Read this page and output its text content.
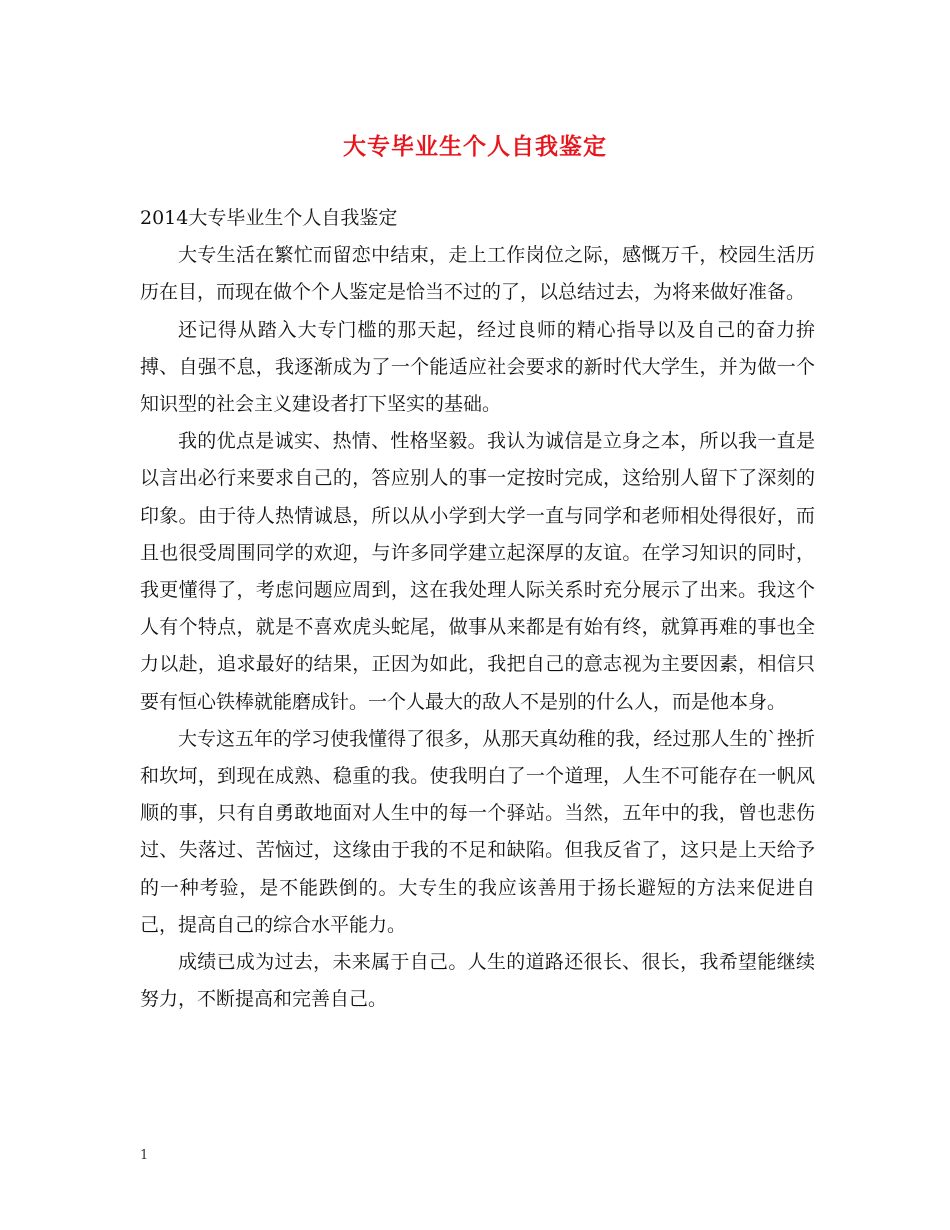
大专毕业生个人自我鉴定

2014大专毕业生个人自我鉴定

大专生活在繁忙而留恋中结束，走上工作岗位之际，感慨万千，校园生活历历在目，而现在做个个人鉴定是恰当不过的了，以总结过去，为将来做好准备。

还记得从踏入大专门槛的那天起，经过良师的精心指导以及自己的奋力拚搏、自强不息，我逐渐成为了一个能适应社会要求的新时代大学生，并为做一个知识型的社会主义建设者打下坚实的基础。

我的优点是诚实、热情、性格坚毅。我认为诚信是立身之本，所以我一直是以言出必行来要求自己的，答应别人的事一定按时完成，这给别人留下了深刻的印象。由于待人热情诚恳，所以从小学到大学一直与同学和老师相处得很好，而且也很受周围同学的欢迎，与许多同学建立起深厚的友谊。在学习知识的同时，我更懂得了，考虑问题应周到，这在我处理人际关系时充分展示了出来。我这个人有个特点，就是不喜欢虎头蛇尾，做事从来都是有始有终，就算再难的事也全力以赴，追求最好的结果，正因为如此，我把自己的意志视为主要因素，相信只要有恒心铁棒就能磨成针。一个人最大的敌人不是别的什么人，而是他本身。

大专这五年的学习使我懂得了很多，从那天真幼稚的我，经过那人生的`挫折和坎坷，到现在成熟、稳重的我。使我明白了一个道理，人生不可能存在一帆风顺的事，只有自勇敢地面对人生中的每一个驿站。当然，五年中的我，曾也悲伤过、失落过、苦恼过，这缘由于我的不足和缺陷。但我反省了，这只是上天给予的一种考验，是不能跌倒的。大专生的我应该善用于扬长避短的方法来促进自己，提高自己的综合水平能力。

成绩已成为过去，未来属于自己。人生的道路还很长、很长，我希望能继续努力，不断提高和完善自己。

1
